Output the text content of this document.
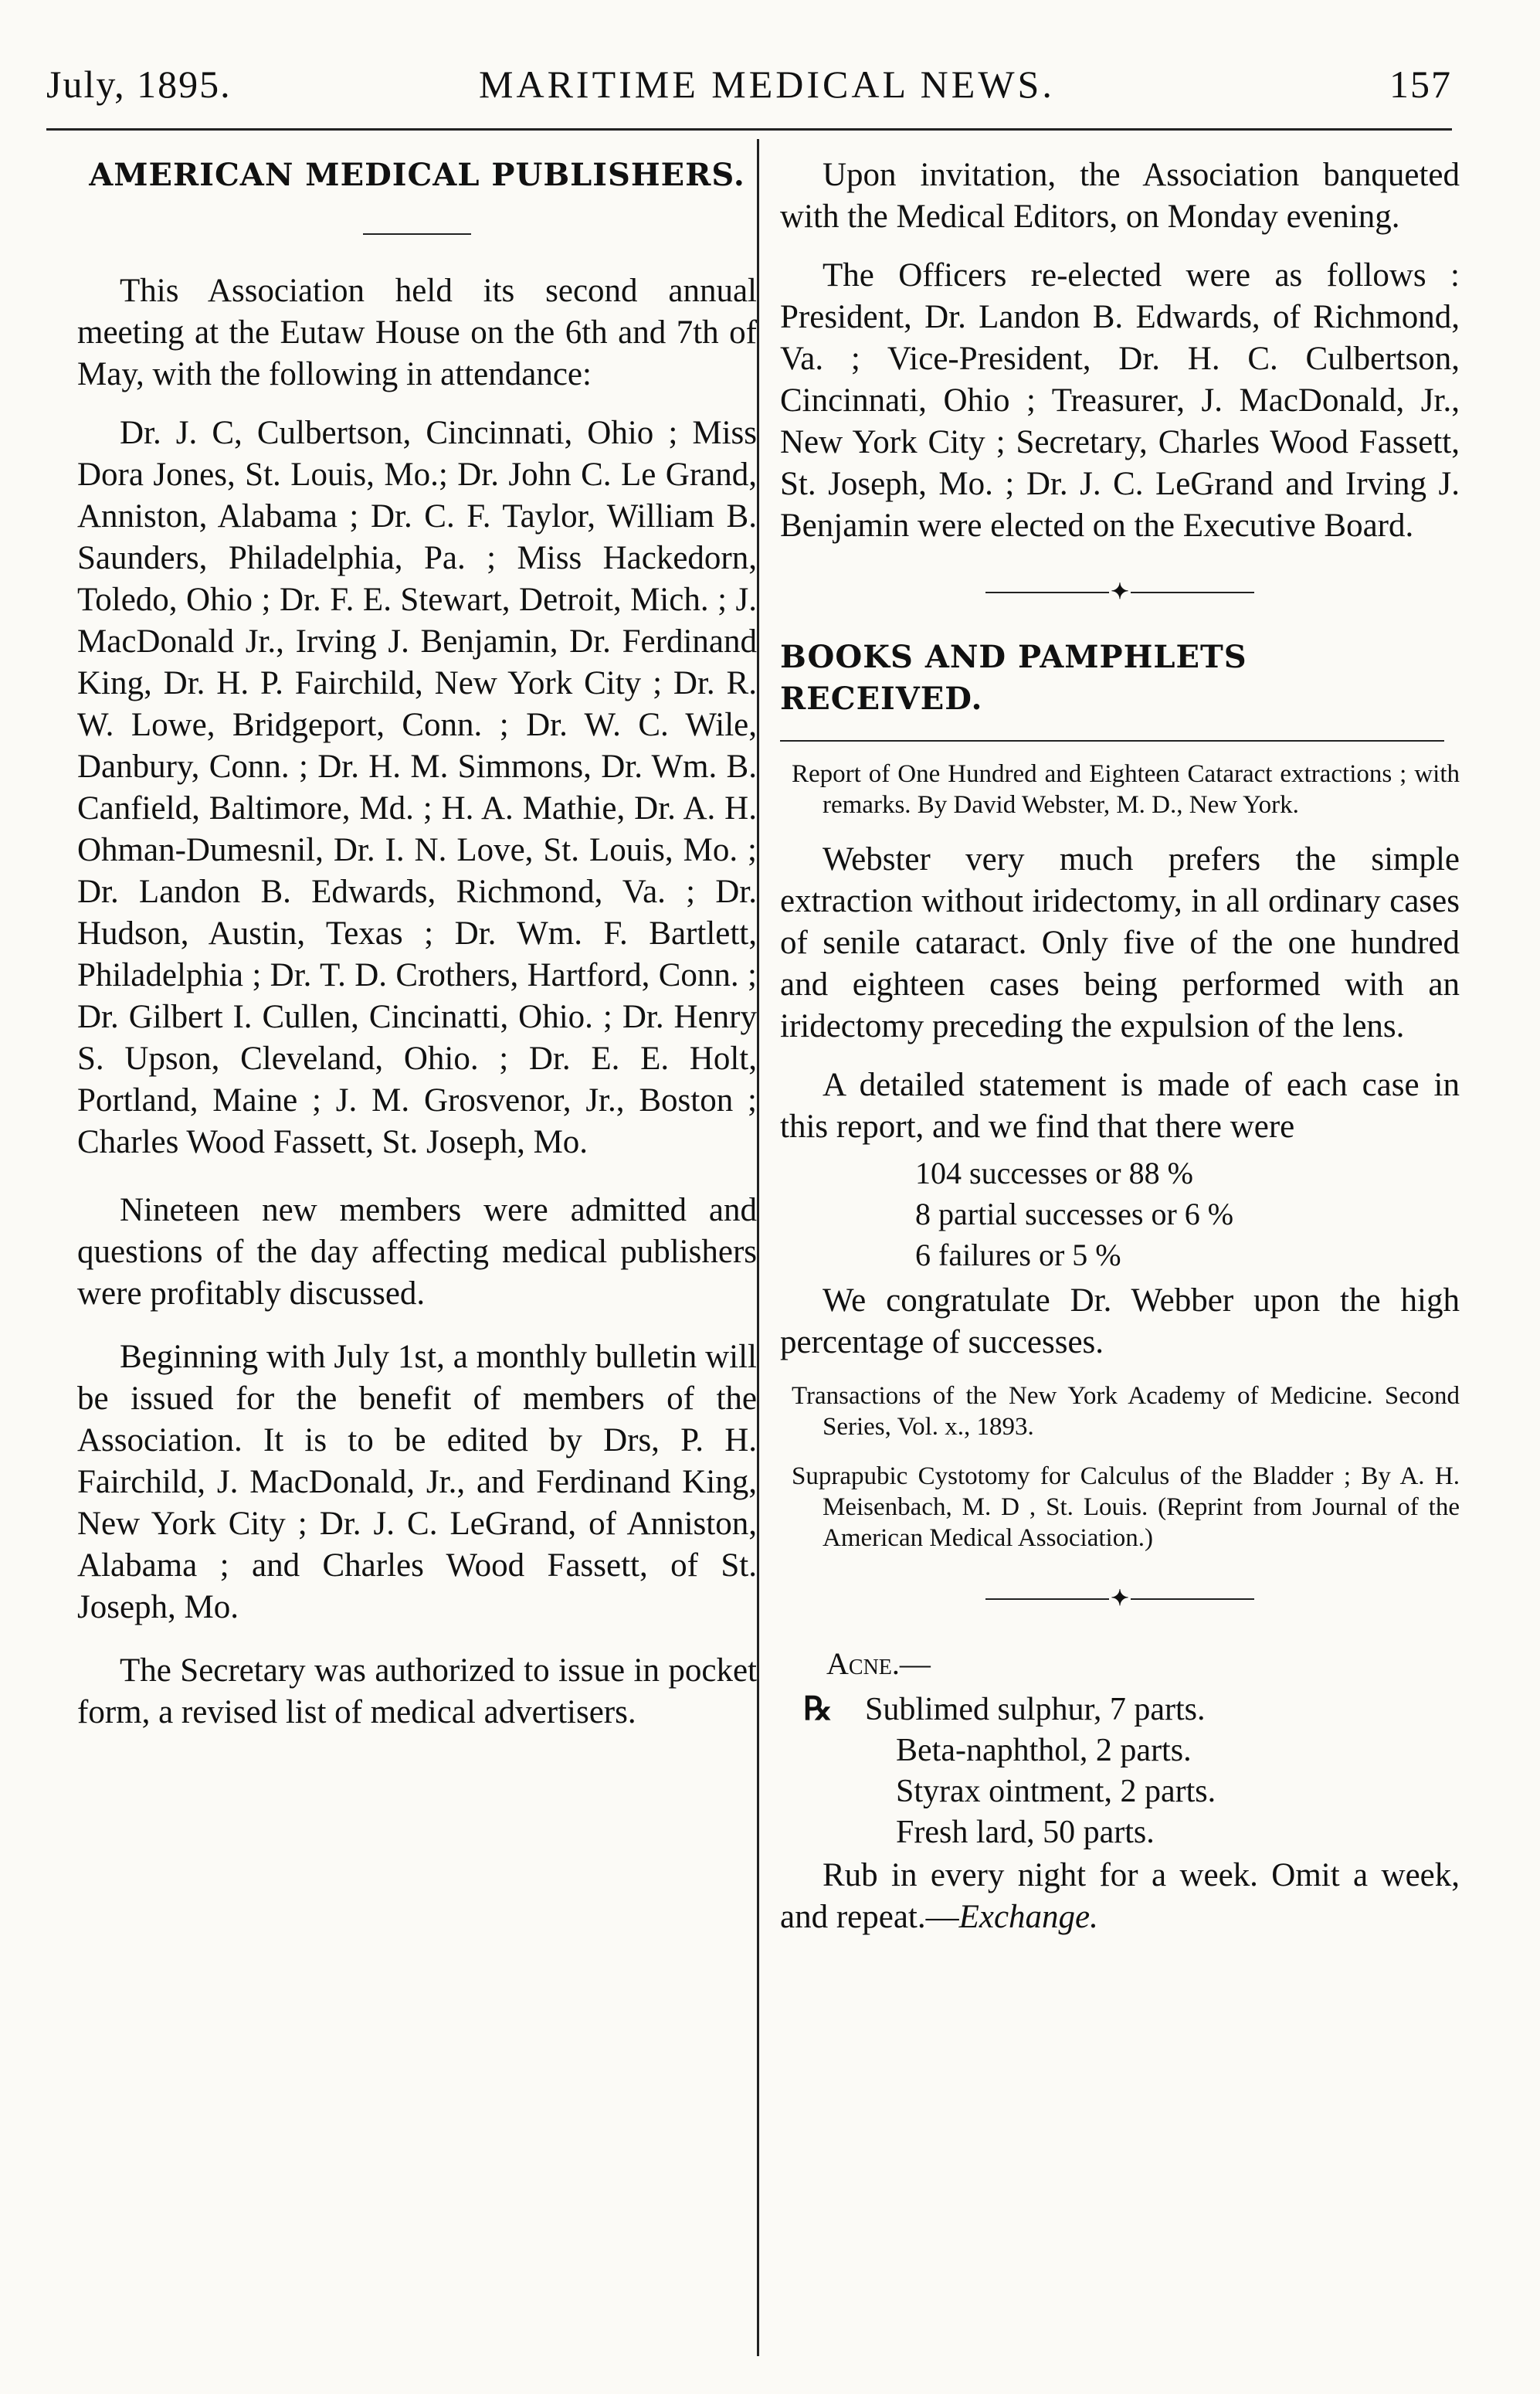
July, 1895.	MARITIME MEDICAL NEWS.	157
AMERICAN MEDICAL PUBLISHERS.

This Association held its second annual meeting at the Eutaw House on the 6th and 7th of May, with the following in attendance:

Dr. J. C, Culbertson, Cincinnati, Ohio ; Miss Dora Jones, St. Louis, Mo.; Dr. John C. Le Grand, Anniston, Alabama ; Dr. C. F. Taylor, William B. Saunders, Philadelphia, Pa. ; Miss Hackedorn, Toledo, Ohio ; Dr. F. E. Stewart, Detroit, Mich. ; J. MacDonald Jr., Irving J. Benjamin, Dr. Ferdinand King, Dr. H. P. Fairchild, New York City ; Dr. R. W. Lowe, Bridgeport, Conn. ; Dr. W. C. Wile, Danbury, Conn. ; Dr. H. M. Simmons, Dr. Wm. B. Canfield, Baltimore, Md. ; H. A. Mathie, Dr. A. H. Ohman-Dumesnil, Dr. I. N. Love, St. Louis, Mo. ; Dr. Landon B. Edwards, Richmond, Va. ; Dr. Hudson, Austin, Texas ; Dr. Wm. F. Bartlett, Philadelphia ; Dr. T. D. Crothers, Hartford, Conn. ; Dr. Gilbert I. Cullen, Cincinatti, Ohio. ; Dr. Henry S. Upson, Cleveland, Ohio. ; Dr. E. E. Holt, Portland, Maine ; J. M. Grosvenor, Jr., Boston ; Charles Wood Fassett, St. Joseph, Mo.

Nineteen new members were admitted and questions of the day affecting medical publishers were profitably discussed.

Beginning with July 1st, a monthly bulletin will be issued for the benefit of members of the Association. It is to be edited by Drs, P. H. Fairchild, J. MacDonald, Jr., and Ferdinand King, New York City ; Dr. J. C. LeGrand, of Anniston, Alabama ; and Charles Wood Fassett, of St. Joseph, Mo.

The Secretary was authorized to issue in pocket form, a revised list of medical advertisers.

Upon invitation, the Association banqueted with the Medical Editors, on Monday evening.

The Officers re-elected were as follows : President, Dr. Landon B. Edwards, of Richmond, Va. ; Vice-President, Dr. H. C. Culbertson, Cincinnati, Ohio ; Treasurer, J. MacDonald, Jr., New York City ; Secretary, Charles Wood Fassett, St. Joseph, Mo. ; Dr. J. C. LeGrand and Irving J. Benjamin were elected on the Executive Board.

✦
BOOKS AND PAMPHLETS RECEIVED.

Report of One Hundred and Eighteen Cataract extractions ; with remarks. By David Webster, M. D., New York.

Webster very much prefers the simple extraction without iridectomy, in all ordinary cases of senile cataract. Only five of the one hundred and eighteen cases being performed with an iridectomy preceding the expulsion of the lens.

A detailed statement is made of each case in this report, and we find that there were

104 successes or 88 %
8 partial successes or 6 %
6 failures or 5 %

We congratulate Dr. Webber upon the high percentage of successes.

Transactions of the New York Academy of Medicine. Second Series, Vol. x., 1893.

Suprapubic Cystotomy for Calculus of the Bladder ; By A. H. Meisenbach, M. D , St. Louis. (Reprint from Journal of the American Medical Association.)

✦
Acne.—
℞ Sublimed sulphur, 7 parts.
Beta-naphthol, 2 parts.
Styrax ointment, 2 parts.
Fresh lard, 50 parts.

Rub in every night for a week. Omit a week, and repeat.—Exchange.
